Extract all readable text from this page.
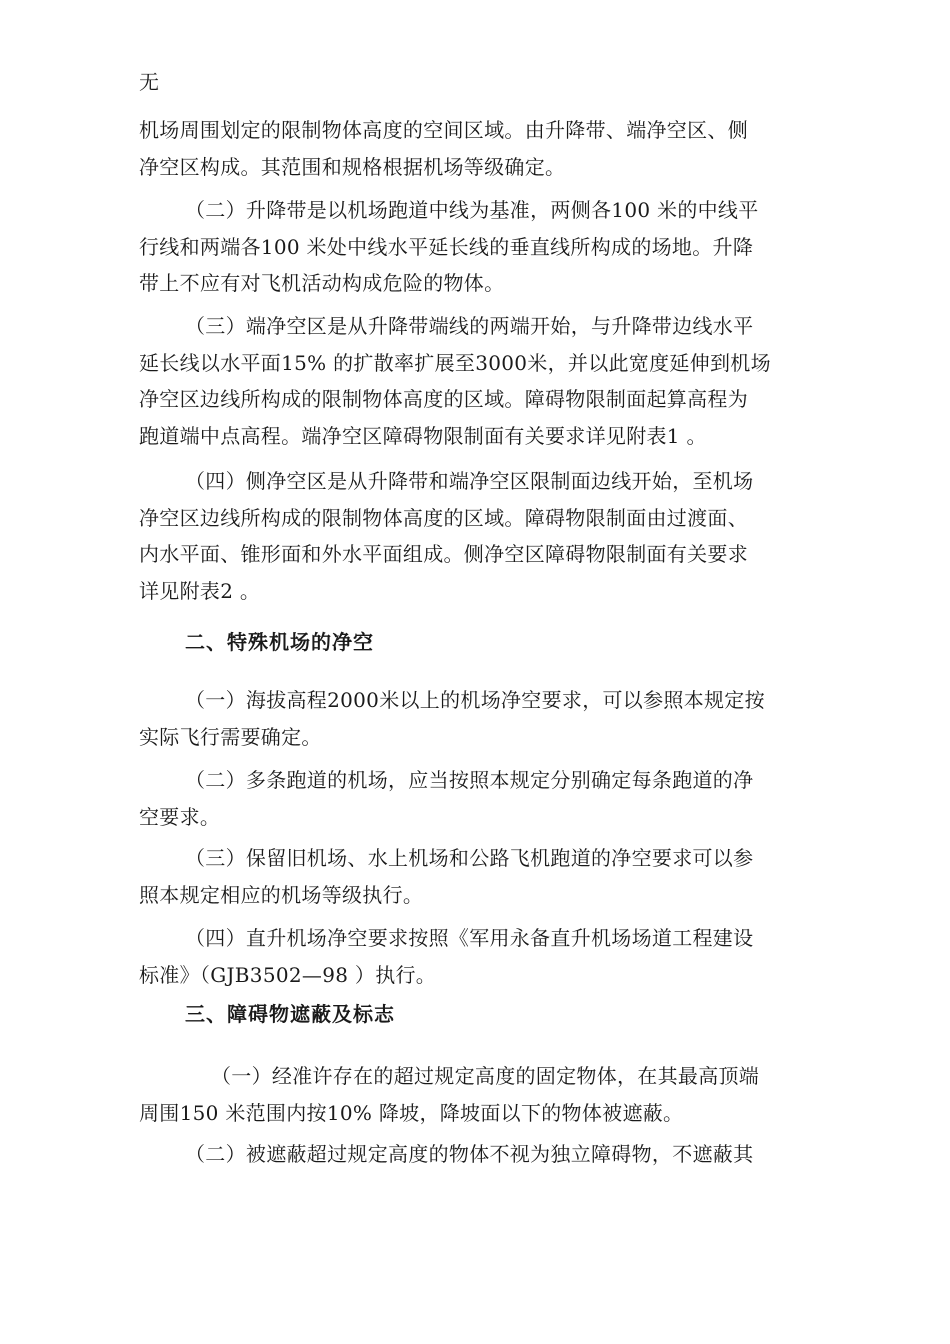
无
机场周围划定的限制物体高度的空间区域。由升降带、端净空区、侧
净空区构成。其范围和规格根据机场等级确定。
（二）升降带是以机场跑道中线为基准，两侧各100 米的中线平
行线和两端各100 米处中线水平延长线的垂直线所构成的场地。升降
带上不应有对飞机活动构成危险的物体。
（三）端净空区是从升降带端线的两端开始，与升降带边线水平
延长线以水平面15% 的扩散率扩展至3000米，并以此宽度延伸到机场
净空区边线所构成的限制物体高度的区域。障碍物限制面起算高程为
跑道端中点高程。端净空区障碍物限制面有关要求详见附表1 。
（四）侧净空区是从升降带和端净空区限制面边线开始，至机场
净空区边线所构成的限制物体高度的区域。障碍物限制面由过渡面、
内水平面、锥形面和外水平面组成。侧净空区障碍物限制面有关要求
详见附表2 。
二、特殊机场的净空
（一）海拔高程2000米以上的机场净空要求，可以参照本规定按
实际飞行需要确定。
（二）多条跑道的机场，应当按照本规定分别确定每条跑道的净
空要求。
（三）保留旧机场、水上机场和公路飞机跑道的净空要求可以参
照本规定相应的机场等级执行。
（四）直升机场净空要求按照《军用永备直升机场场道工程建设
标准》（GJB3502—98 ）执行。
三、障碍物遮蔽及标志
（一）经准许存在的超过规定高度的固定物体，在其最高顶端
周围150 米范围内按10% 降坡，降坡面以下的物体被遮蔽。
（二）被遮蔽超过规定高度的物体不视为独立障碍物，不遮蔽其
